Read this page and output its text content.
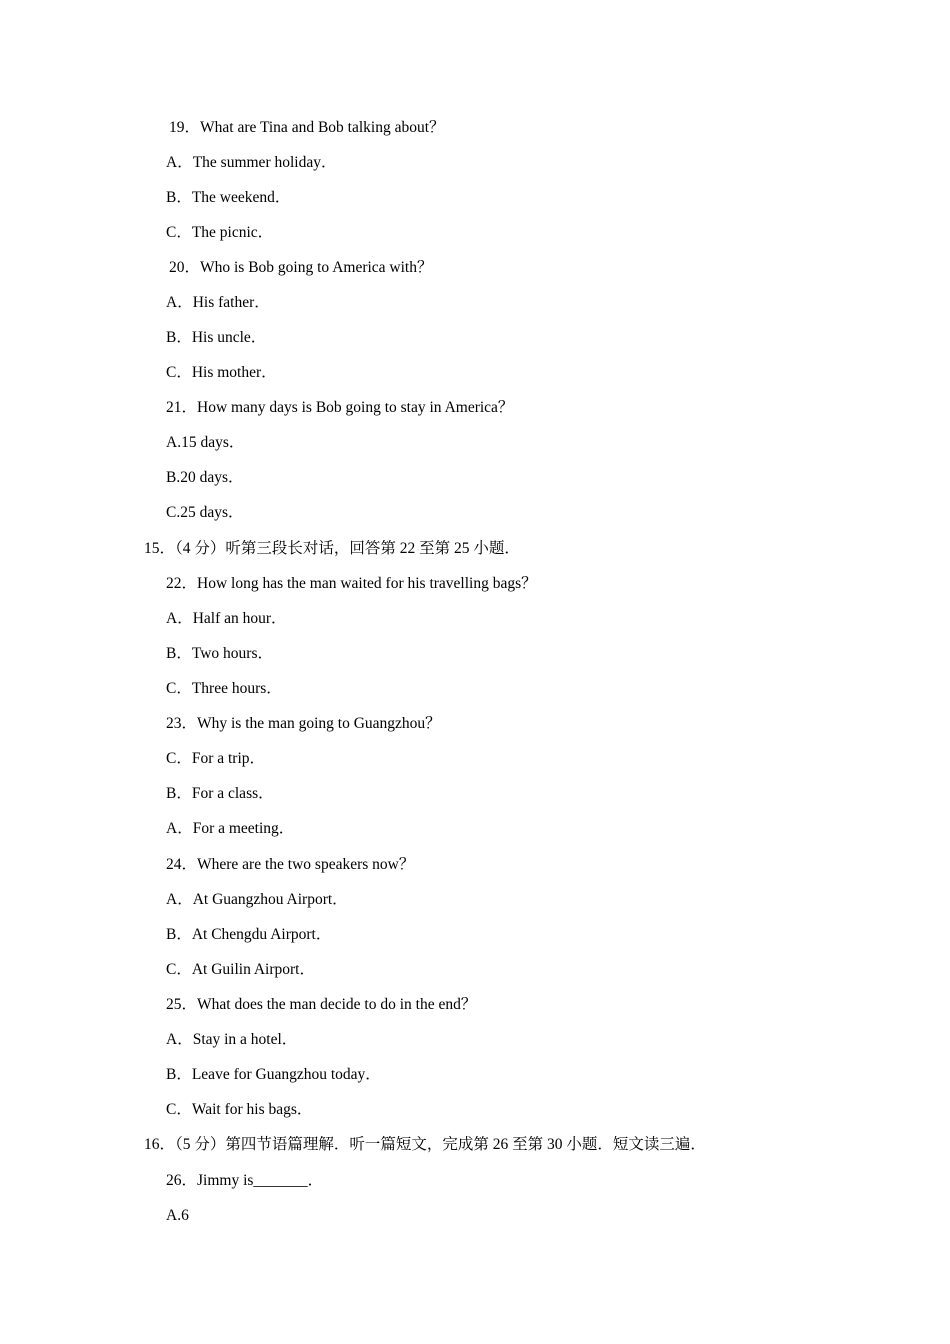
19．What are Tina and Bob talking about？
A．The summer holiday．
B．The weekend．
C．The picnic．
20．Who is Bob going to America with？
A．His father．
B．His uncle．
C．His mother．
21．How many days is Bob going to stay in America？
A.15 days．
B.20 days．
C.25 days．
15．（4 分）听第三段长对话，回答第 22 至第 25 小题．
22．How long has the man waited for his travelling bags？
A．Half an hour．
B．Two hours．
C．Three hours．
23．Why is the man going to Guangzhou？
C．For a trip．
B．For a class．
A．For a meeting．
24．Where are the two speakers now？
A．At Guangzhou Airport．
B．At Chengdu Airport．
C．At Guilin Airport．
25．What does the man decide to do in the end？
A．Stay in a hotel．
B．Leave for Guangzhou today．
C．Wait for his bags．
16．（5 分）第四节语篇理解．听一篇短文，完成第 26 至第 30 小题．短文读三遍．
26．Jimmy is_______．
A.6
